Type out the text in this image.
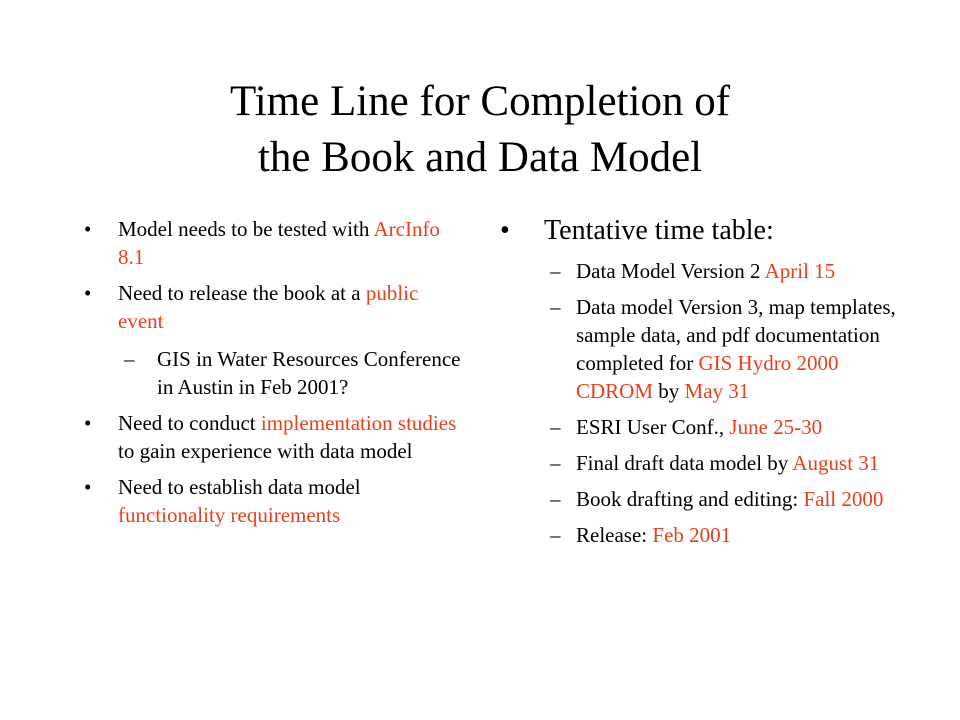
Time Line for Completion of
the Book and Data Model
• Model needs to be tested with ArcInfo 8.1
• Need to release the book at a public event
– GIS in Water Resources Conference in Austin in Feb 2001?
• Need to conduct implementation studies to gain experience with data model
• Need to establish data model functionality requirements
• Tentative time table:
– Data Model Version 2 April 15
– Data model Version 3, map templates, sample data, and pdf documentation completed for GIS Hydro 2000 CDROM by May 31
– ESRI User Conf., June 25-30
– Final draft data model by August 31
– Book drafting and editing: Fall 2000
– Release: Feb 2001
